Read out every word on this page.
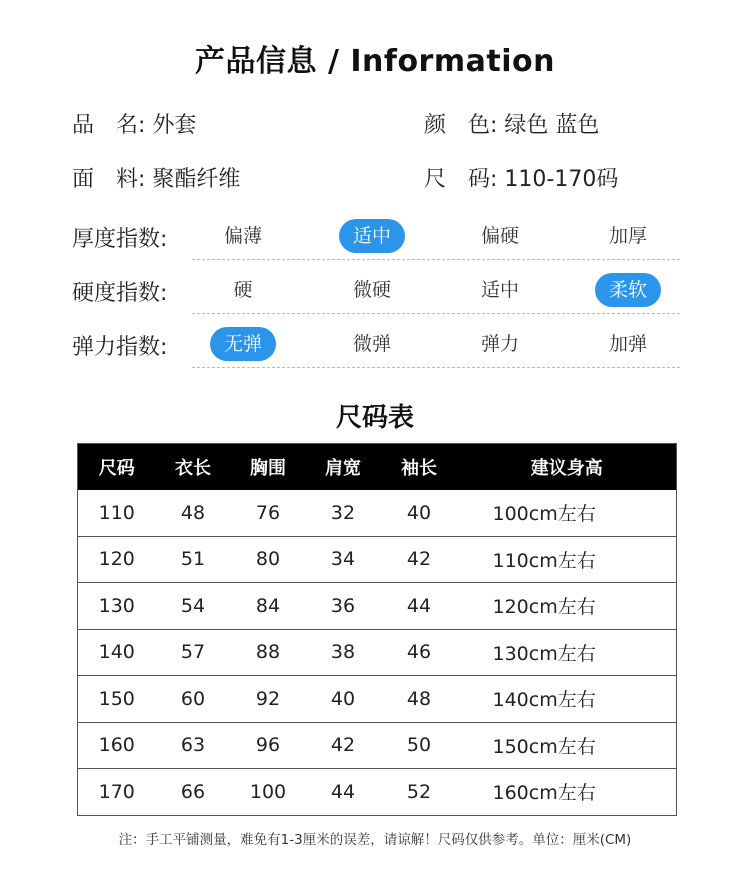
产品信息 / Information
品　名: 外套	颜　色: 绿色 蓝色
面　料: 聚酯纤维	尺　码: 110-170码
厚度指数:	偏薄	适中	偏硬	加厚
硬度指数:	硬	微硬	适中	柔软
弹力指数:	无弹	微弹	弹力	加弹
尺码表
尺码	衣长	胸围	肩宽	袖长	建议身高
110	48	76	32	40	100cm左右
120	51	80	34	42	110cm左右
130	54	84	36	44	120cm左右
140	57	88	38	46	130cm左右
150	60	92	40	48	140cm左右
160	63	96	42	50	150cm左右
170	66	100	44	52	160cm左右
注：手工平铺测量，难免有1-3厘米的误差，请谅解！尺码仅供参考。单位：厘米(CM)
